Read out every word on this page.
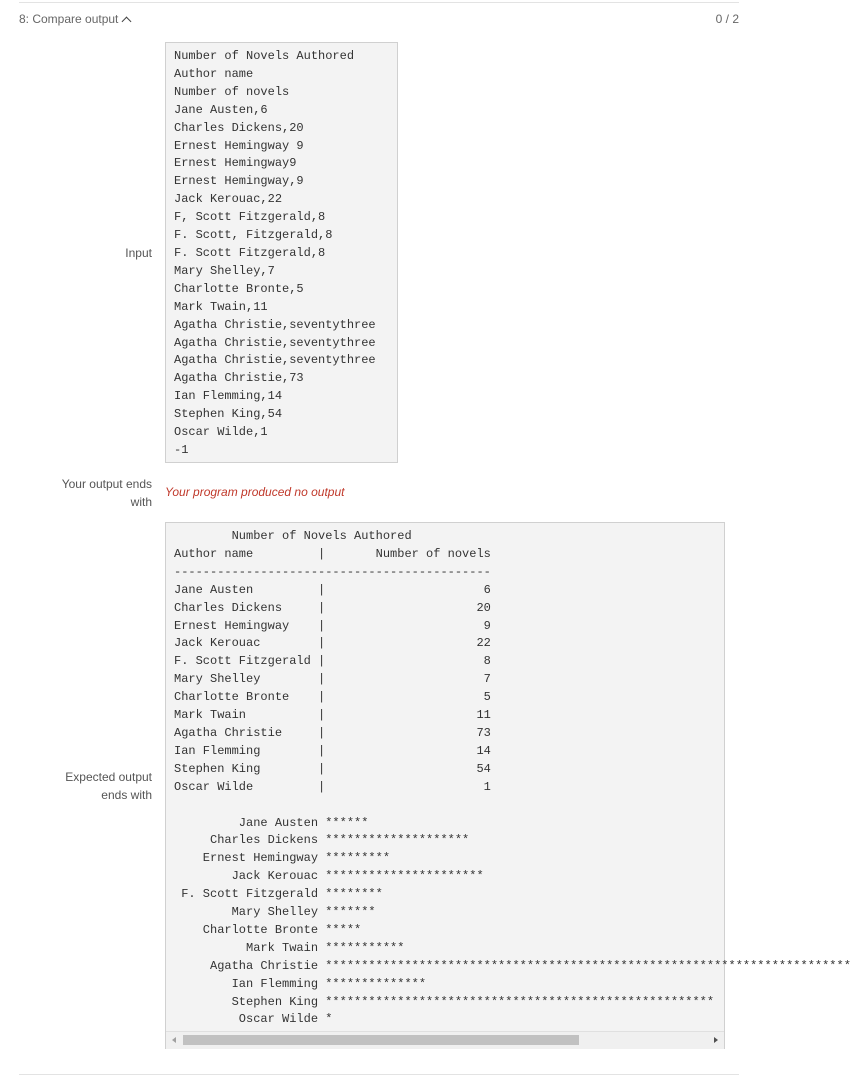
8: Compare output	0 / 2
Input
Number of Novels Authored
Author name
Number of novels
Jane Austen,6
Charles Dickens,20
Ernest Hemingway 9
Ernest Hemingway9
Ernest Hemingway,9
Jack Kerouac,22
F, Scott Fitzgerald,8
F. Scott, Fitzgerald,8
F. Scott Fitzgerald,8
Mary Shelley,7
Charlotte Bronte,5
Mark Twain,11
Agatha Christie,seventythree
Agatha Christie,seventythree
Agatha Christie,seventythree
Agatha Christie,73
Ian Flemming,14
Stephen King,54
Oscar Wilde,1
-1
Your output ends
with
Your program produced no output
Expected output
ends with
Number of Novels Authored
Author name         |       Number of novels
--------------------------------------------
Jane Austen         |                      6
Charles Dickens     |                     20
Ernest Hemingway    |                      9
Jack Kerouac        |                     22
F. Scott Fitzgerald |                      8
Mary Shelley        |                      7
Charlotte Bronte    |                      5
Mark Twain          |                     11
Agatha Christie     |                     73
Ian Flemming        |                     14
Stephen King        |                     54
Oscar Wilde         |                      1

Jane Austen ******
Charles Dickens ********************
Ernest Hemingway *********
Jack Kerouac **********************
F. Scott Fitzgerald ********
Mary Shelley *******
Charlotte Bronte *****
Mark Twain ***********
Agatha Christie *************************************************************************
Ian Flemming **************
Stephen King ******************************************************
Oscar Wilde *
